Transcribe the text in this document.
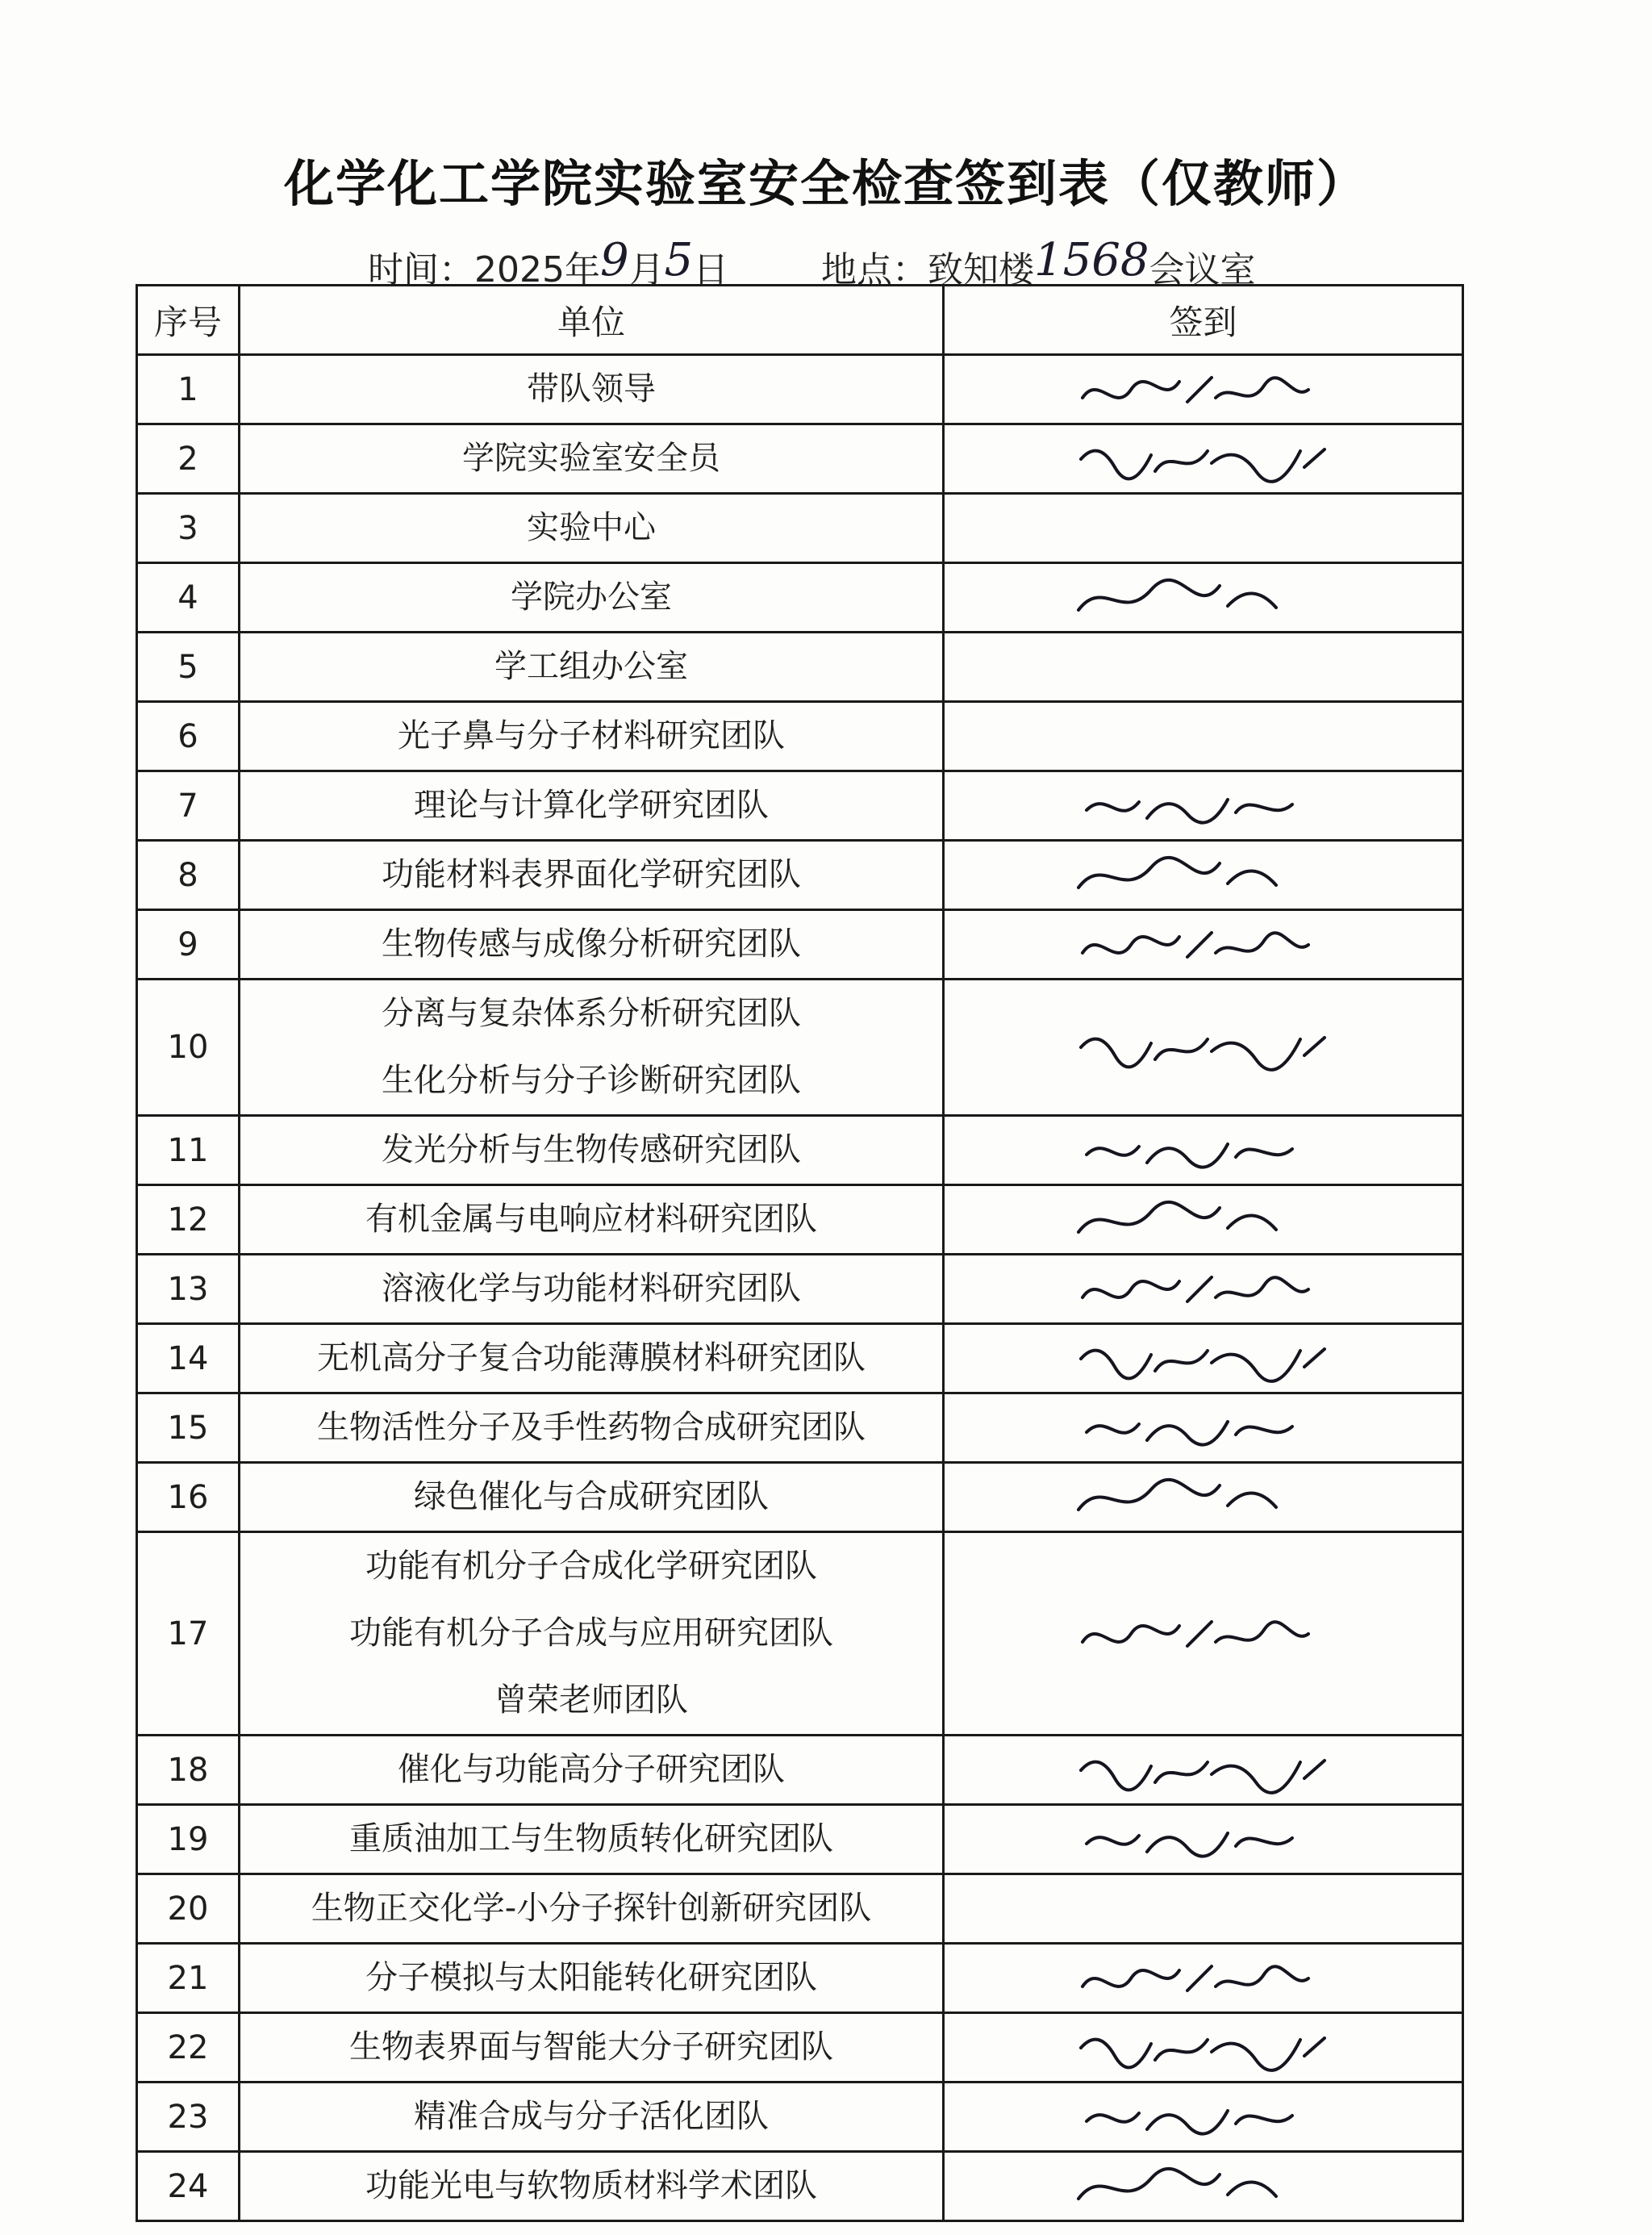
化学化工学院实验室安全检查签到表（仅教师）
时间：2025年9月5日	地点：致知楼1568会议室
序号	单位	签到
1	带队领导

2	学院实验室安全员

3	实验中心	

4	学院办公室

5	学工组办公室	

6	光子鼻与分子材料研究团队	

7	理论与计算化学研究团队

8	功能材料表界面化学研究团队

9	生物传感与成像分析研究团队

10	分离与复杂体系分析研究团队
生化分析与分子诊断研究团队

11	发光分析与生物传感研究团队

12	有机金属与电响应材料研究团队

13	溶液化学与功能材料研究团队

14	无机高分子复合功能薄膜材料研究团队

15	生物活性分子及手性药物合成研究团队

16	绿色催化与合成研究团队

17	功能有机分子合成化学研究团队
功能有机分子合成与应用研究团队
曾荣老师团队

18	催化与功能高分子研究团队

19	重质油加工与生物质转化研究团队

20	生物正交化学-小分子探针创新研究团队	

21	分子模拟与太阳能转化研究团队

22	生物表界面与智能大分子研究团队

23	精准合成与分子活化团队

24	功能光电与软物质材料学术团队
